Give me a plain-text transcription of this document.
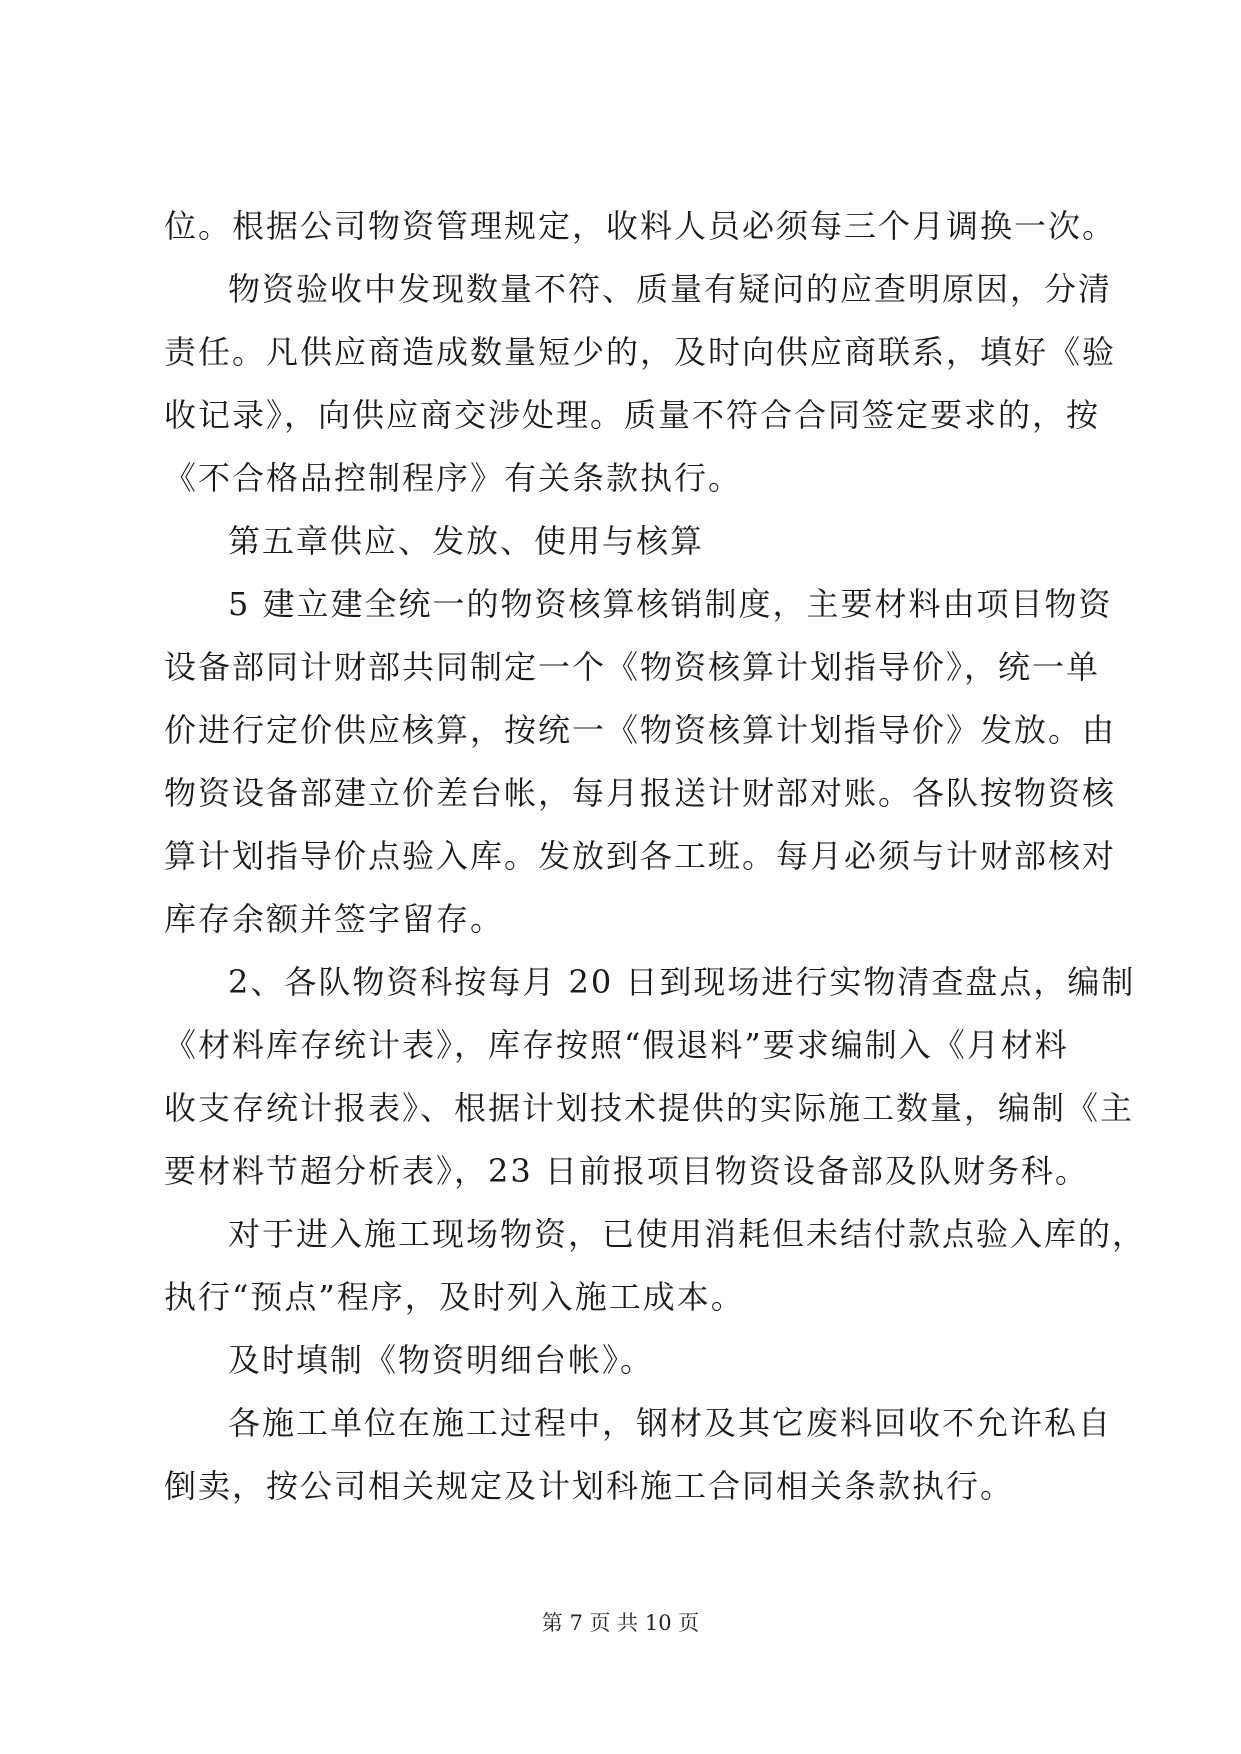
位。根据公司物资管理规定，收料人员必须每三个月调换一次。
物资验收中发现数量不符、质量有疑问的应查明原因，分清
责任。凡供应商造成数量短少的，及时向供应商联系，填好《验
收记录》，向供应商交涉处理。质量不符合合同签定要求的，按
《不合格品控制程序》有关条款执行。
第五章供应、发放、使用与核算
5 建立建全统一的物资核算核销制度，主要材料由项目物资
设备部同计财部共同制定一个《物资核算计划指导价》，统一单
价进行定价供应核算，按统一《物资核算计划指导价》发放。由
物资设备部建立价差台帐，每月报送计财部对账。各队按物资核
算计划指导价点验入库。发放到各工班。每月必须与计财部核对
库存余额并签字留存。
2、各队物资科按每月 20 日到现场进行实物清查盘点，编制
《材料库存统计表》，库存按照“假退料”要求编制入《月材料
收支存统计报表》、根据计划技术提供的实际施工数量，编制《主
要材料节超分析表》，23 日前报项目物资设备部及队财务科。
对于进入施工现场物资，已使用消耗但未结付款点验入库的，
执行“预点”程序，及时列入施工成本。
及时填制《物资明细台帐》。
各施工单位在施工过程中，钢材及其它废料回收不允许私自
倒卖，按公司相关规定及计划科施工合同相关条款执行。
第 7 页 共 10 页
